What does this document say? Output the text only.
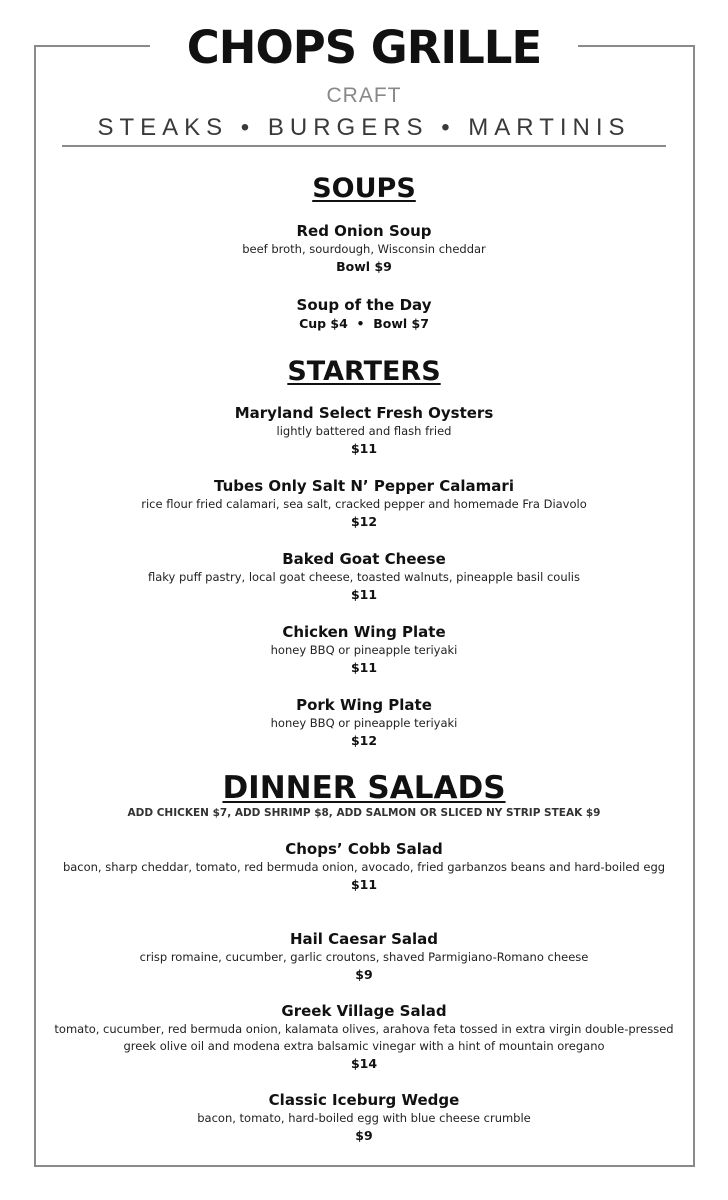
CHOPS GRILLE
CRAFT
STEAKS • BURGERS • MARTINIS
SOUPS
Red Onion Soup
beef broth, sourdough, Wisconsin cheddar
Bowl $9
Soup of the Day
Cup $4  •  Bowl $7
STARTERS
Maryland Select Fresh Oysters
lightly battered and flash fried
$11
Tubes Only Salt N’ Pepper Calamari
rice flour fried calamari, sea salt, cracked pepper and homemade Fra Diavolo
$12
Baked Goat Cheese
flaky puff pastry, local goat cheese, toasted walnuts, pineapple basil coulis
$11
Chicken Wing Plate
honey BBQ or pineapple teriyaki
$11
Pork Wing Plate
honey BBQ or pineapple teriyaki
$12
DINNER SALADS
ADD CHICKEN $7, ADD SHRIMP $8, ADD SALMON OR SLICED NY STRIP STEAK $9
Chops’ Cobb Salad
bacon, sharp cheddar, tomato, red bermuda onion, avocado, fried garbanzos beans and hard-boiled egg
$11
Hail Caesar Salad
crisp romaine, cucumber, garlic croutons, shaved Parmigiano-Romano cheese
$9
Greek Village Salad
tomato, cucumber, red bermuda onion, kalamata olives, arahova feta tossed in extra virgin double-pressed greek olive oil and modena extra balsamic vinegar with a hint of mountain oregano
$14
Classic Iceburg Wedge
bacon, tomato, hard-boiled egg with blue cheese crumble
$9
